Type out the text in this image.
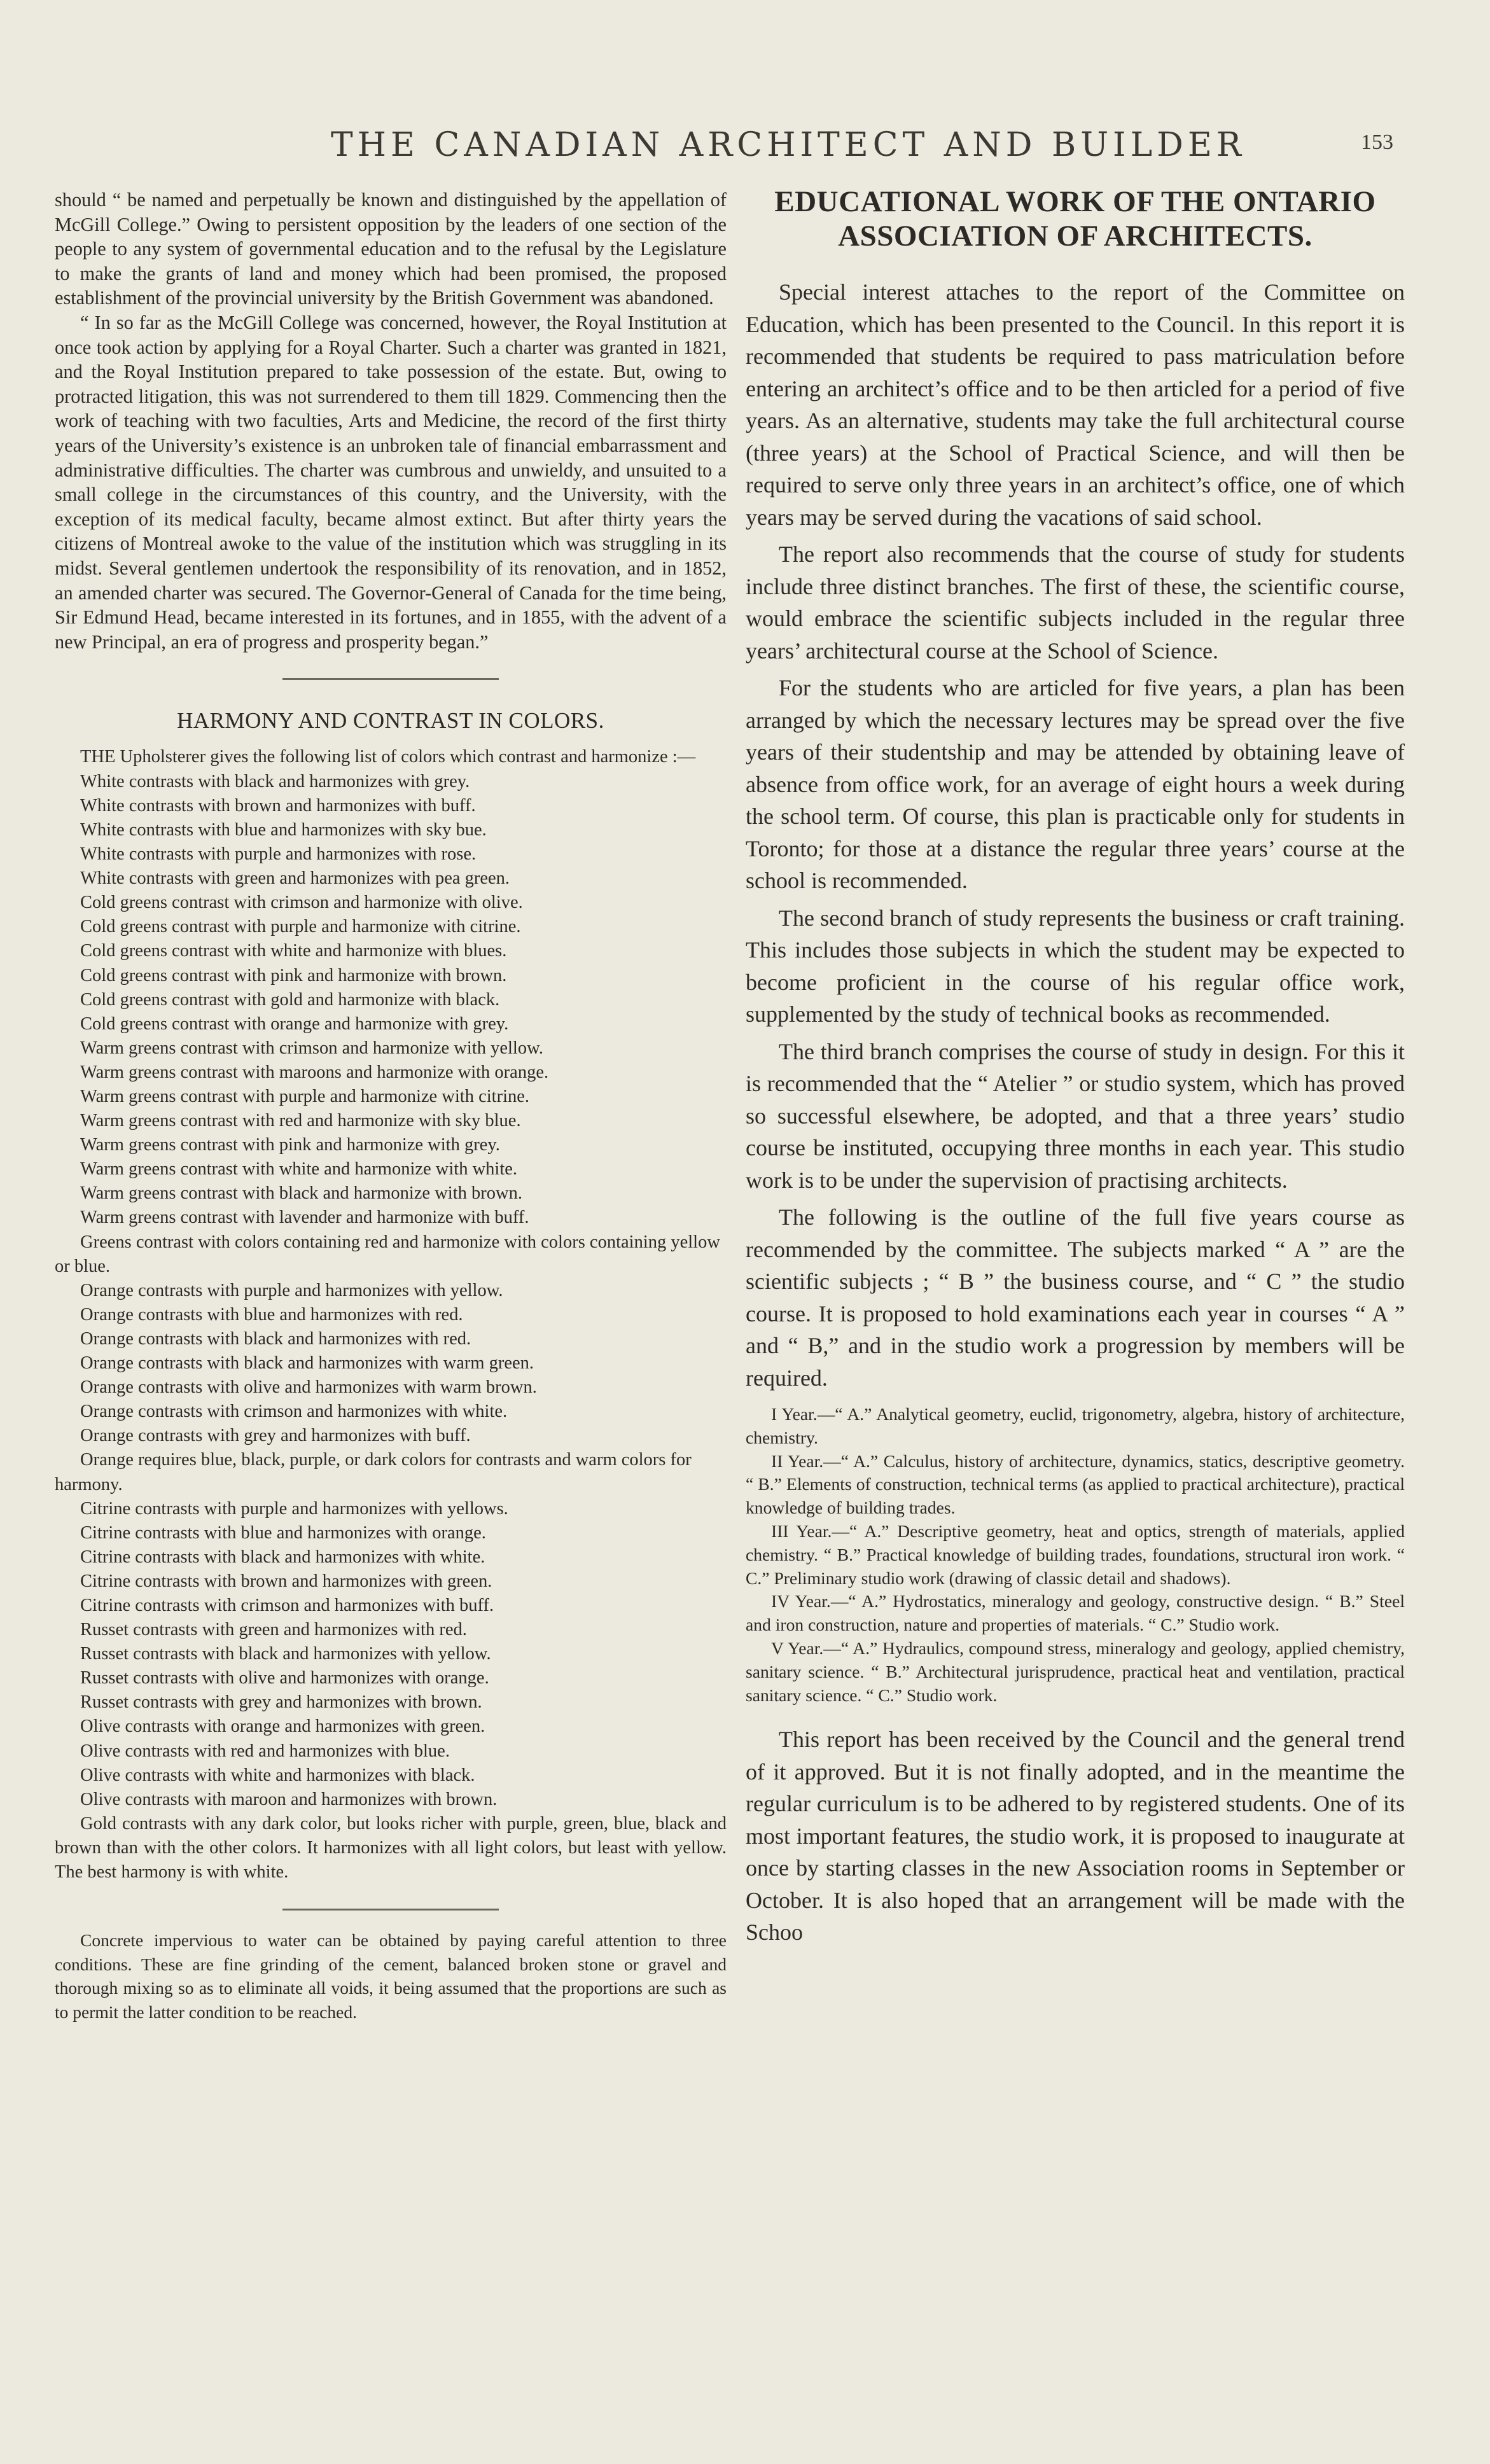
THE CANADIAN ARCHITECT AND BUILDER	153

should “ be named and perpetually be known and distinguished by the appellation of McGill College.” Owing to persistent opposition by the leaders of one section of the people to any system of governmental education and to the refusal by the Legislature to make the grants of land and money which had been promised, the proposed establishment of the provincial university by the British Government was abandoned.

“ In so far as the McGill College was concerned, however, the Royal Institution at once took action by applying for a Royal Charter. Such a charter was granted in 1821, and the Royal Institution prepared to take possession of the estate. But, owing to protracted litigation, this was not surrendered to them till 1829. Commencing then the work of teaching with two faculties, Arts and Medicine, the record of the first thirty years of the University’s existence is an unbroken tale of financial embarrassment and administrative difficulties. The charter was cumbrous and unwieldy, and unsuited to a small college in the circumstances of this country, and the University, with the exception of its medical faculty, became almost extinct. But after thirty years the citizens of Montreal awoke to the value of the institution which was struggling in its midst. Several gentlemen undertook the responsibility of its renovation, and in 1852, an amended charter was secured. The Governor-General of Canada for the time being, Sir Edmund Head, became interested in its fortunes, and in 1855, with the advent of a new Principal, an era of progress and prosperity began.”

HARMONY AND CONTRAST IN COLORS.

THE Upholsterer gives the following list of colors which contrast and harmonize :—

White contrasts with black and harmonizes with grey.
White contrasts with brown and harmonizes with buff.
White contrasts with blue and harmonizes with sky bue.
White contrasts with purple and harmonizes with rose.
White contrasts with green and harmonizes with pea green.
Cold greens contrast with crimson and harmonize with olive.
Cold greens contrast with purple and harmonize with citrine.
Cold greens contrast with white and harmonize with blues.
Cold greens contrast with pink and harmonize with brown.
Cold greens contrast with gold and harmonize with black.
Cold greens contrast with orange and harmonize with grey.
Warm greens contrast with crimson and harmonize with yellow.
Warm greens contrast with maroons and harmonize with orange.
Warm greens contrast with purple and harmonize with citrine.
Warm greens contrast with red and harmonize with sky blue.
Warm greens contrast with pink and harmonize with grey.
Warm greens contrast with white and harmonize with white.
Warm greens contrast with black and harmonize with brown.
Warm greens contrast with lavender and harmonize with buff.

Greens contrast with colors containing red and harmonize with colors containing yellow or blue.

Orange contrasts with purple and harmonizes with yellow.
Orange contrasts with blue and harmonizes with red.
Orange contrasts with black and harmonizes with red.
Orange contrasts with black and harmonizes with warm green.
Orange contrasts with olive and harmonizes with warm brown.
Orange contrasts with crimson and harmonizes with white.
Orange contrasts with grey and harmonizes with buff.

Orange requires blue, black, purple, or dark colors for contrasts and warm colors for harmony.

Citrine contrasts with purple and harmonizes with yellows.
Citrine contrasts with blue and harmonizes with orange.
Citrine contrasts with black and harmonizes with white.
Citrine contrasts with brown and harmonizes with green.
Citrine contrasts with crimson and harmonizes with buff.
Russet contrasts with green and harmonizes with red.
Russet contrasts with black and harmonizes with yellow.
Russet contrasts with olive and harmonizes with orange.
Russet contrasts with grey and harmonizes with brown.
Olive contrasts with orange and harmonizes with green.
Olive contrasts with red and harmonizes with blue.
Olive contrasts with white and harmonizes with black.
Olive contrasts with maroon and harmonizes with brown.

Gold contrasts with any dark color, but looks richer with purple, green, blue, black and brown than with the other colors. It harmonizes with all light colors, but least with yellow. The best harmony is with white.

Concrete impervious to water can be obtained by paying careful attention to three conditions. These are fine grinding of the cement, balanced broken stone or gravel and thorough mixing so as to eliminate all voids, it being assumed that the proportions are such as to permit the latter condition to be reached.

EDUCATIONAL WORK OF THE ONTARIO
ASSOCIATION OF ARCHITECTS.

Special interest attaches to the report of the Committee on Education, which has been presented to the Council. In this report it is recommended that students be required to pass matriculation before entering an architect’s office and to be then articled for a period of five years. As an alternative, students may take the full architectural course (three years) at the School of Practical Science, and will then be required to serve only three years in an architect’s office, one of which years may be served during the vacations of said school.

The report also recommends that the course of study for students include three distinct branches. The first of these, the scientific course, would embrace the scientific subjects included in the regular three years’ architectural course at the School of Science.

For the students who are articled for five years, a plan has been arranged by which the necessary lectures may be spread over the five years of their studentship and may be attended by obtaining leave of absence from office work, for an average of eight hours a week during the school term. Of course, this plan is practicable only for students in Toronto; for those at a distance the regular three years’ course at the school is recommended.

The second branch of study represents the business or craft training. This includes those subjects in which the student may be expected to become proficient in the course of his regular office work, supplemented by the study of technical books as recommended.

The third branch comprises the course of study in design. For this it is recommended that the “ Atelier ” or studio system, which has proved so successful elsewhere, be adopted, and that a three years’ studio course be instituted, occupying three months in each year. This studio work is to be under the supervision of practising architects.

The following is the outline of the full five years course as recommended by the committee. The subjects marked “ A ” are the scientific subjects ; “ B ” the business course, and “ C ” the studio course. It is proposed to hold examinations each year in courses “ A ” and “ B,” and in the studio work a progression by members will be required.

I Year.—“ A.” Analytical geometry, euclid, trigonometry, algebra, history of architecture, chemistry.

II Year.—“ A.” Calculus, history of architecture, dynamics, statics, descriptive geometry. “ B.” Elements of construction, technical terms (as applied to practical architecture), practical knowledge of building trades.

III Year.—“ A.” Descriptive geometry, heat and optics, strength of materials, applied chemistry. “ B.” Practical knowledge of building trades, foundations, structural iron work. “ C.” Preliminary studio work (drawing of classic detail and shadows).

IV Year.—“ A.” Hydrostatics, mineralogy and geology, constructive design. “ B.” Steel and iron construction, nature and properties of materials. “ C.” Studio work.

V Year.—“ A.” Hydraulics, compound stress, mineralogy and geology, applied chemistry, sanitary science. “ B.” Architectural jurisprudence, practical heat and ventilation, practical sanitary science. “ C.” Studio work.

This report has been received by the Council and the general trend of it approved. But it is not finally adopted, and in the meantime the regular curriculum is to be adhered to by registered students. One of its most important features, the studio work, it is proposed to inaugurate at once by starting classes in the new Association rooms in September or October. It is also hoped that an arrangement will be made with the Schoo
